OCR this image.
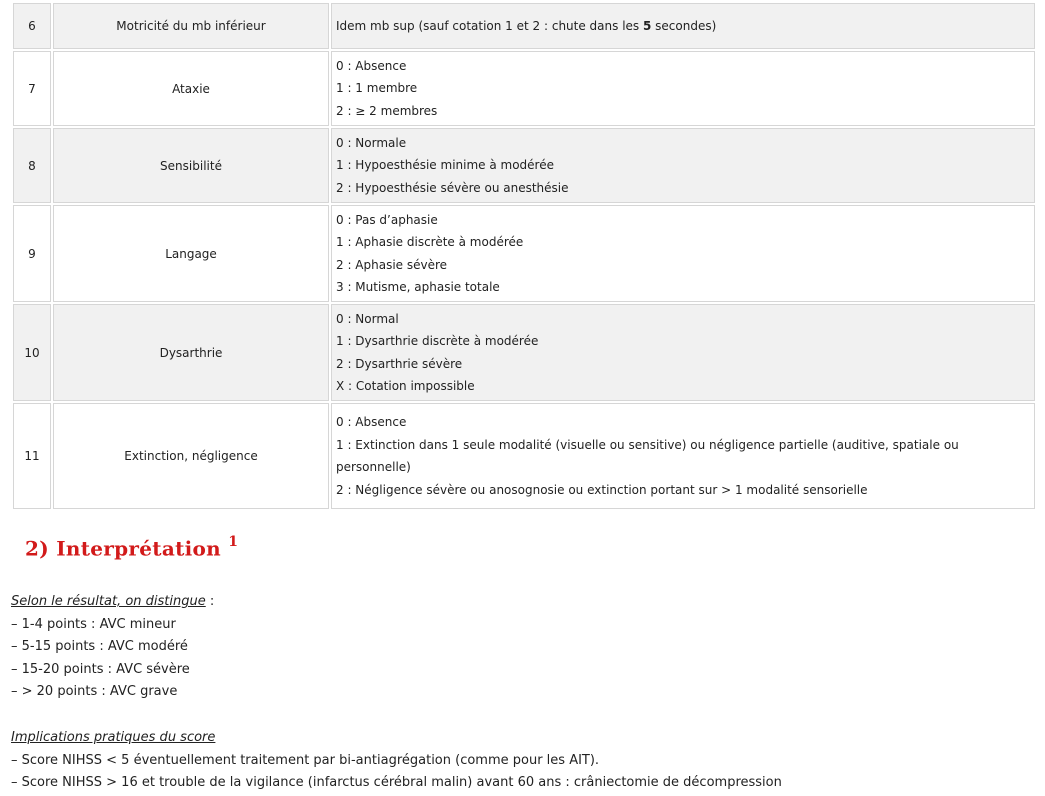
6	Motricité du mb inférieur	Idem mb sup (sauf cotation 1 et 2 : chute dans les 5 secondes)
7	Ataxie	0 : Absence
1 : 1 membre
2 : ≥ 2 membres

8	Sensibilité	0 : Normale
1 : Hypoesthésie minime à modérée
2 : Hypoesthésie sévère ou anesthésie

9	Langage	0 : Pas d’aphasie
1 : Aphasie discrète à modérée
2 : Aphasie sévère
3 : Mutisme, aphasie totale

10	Dysarthrie	0 : Normal
1 : Dysarthrie discrète à modérée
2 : Dysarthrie sévère
X : Cotation impossible

11	Extinction, négligence	0 : Absence
1 : Extinction dans 1 seule modalité (visuelle ou sensitive) ou négligence partielle (auditive, spatiale ou personnelle)
2 : Négligence sévère ou anosognosie ou extinction portant sur > 1 modalité sensorielle
2) Interprétation $^1$
Selon le résultat, on distingue :
– 1-4 points : AVC mineur
– 5-15 points : AVC modéré
– 15-20 points : AVC sévère
– > 20 points : AVC grave
Implications pratiques du score
– Score NIHSS < 5 éventuellement traitement par bi-antiagrégation (comme pour les AIT).
– Score NIHSS > 16 et trouble de la vigilance (infarctus cérébral malin) avant 60 ans : crâniectomie de décompression
